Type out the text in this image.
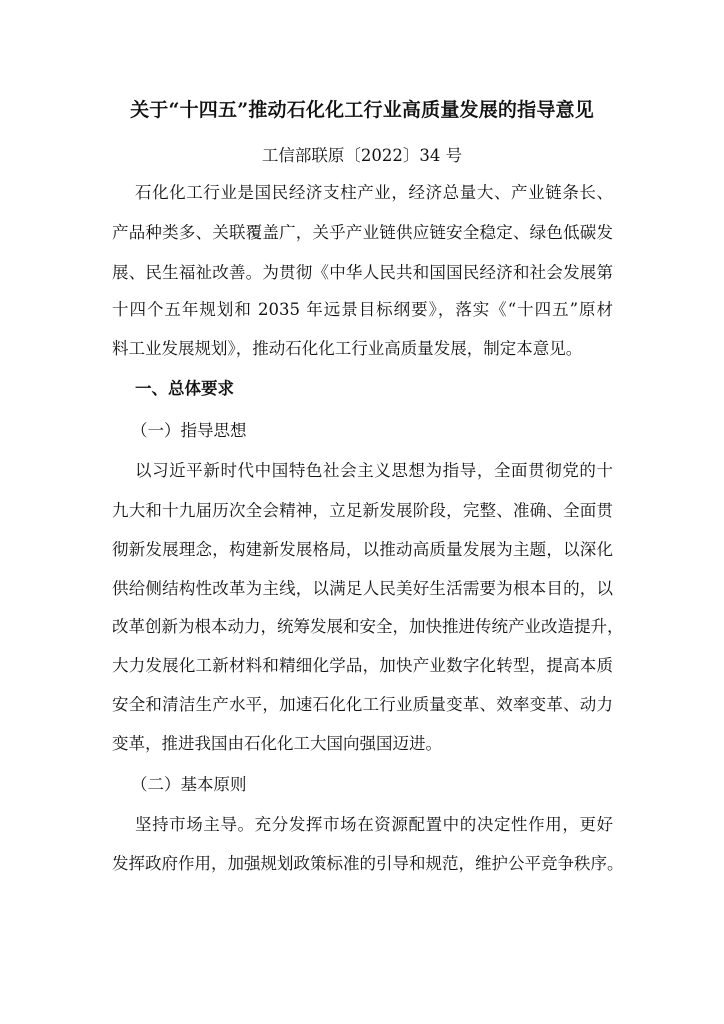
关于“十四五”推动石化化工行业高质量发展的指导意见
工信部联原〔2022〕34 号
石化化工行业是国民经济支柱产业，经济总量大、产业链条长、
产品种类多、关联覆盖广，关乎产业链供应链安全稳定、绿色低碳发
展、民生福祉改善。为贯彻《中华人民共和国国民经济和社会发展第
十四个五年规划和 2035 年远景目标纲要》，落实《“十四五”原材
料工业发展规划》，推动石化化工行业高质量发展，制定本意见。
一、总体要求
（一）指导思想
以习近平新时代中国特色社会主义思想为指导，全面贯彻党的十
九大和十九届历次全会精神，立足新发展阶段，完整、准确、全面贯
彻新发展理念，构建新发展格局，以推动高质量发展为主题，以深化
供给侧结构性改革为主线，以满足人民美好生活需要为根本目的，以
改革创新为根本动力，统筹发展和安全，加快推进传统产业改造提升，
大力发展化工新材料和精细化学品，加快产业数字化转型，提高本质
安全和清洁生产水平，加速石化化工行业质量变革、效率变革、动力
变革，推进我国由石化化工大国向强国迈进。
（二）基本原则
坚持市场主导。充分发挥市场在资源配置中的决定性作用，更好
发挥政府作用，加强规划政策标准的引导和规范，维护公平竞争秩序。
